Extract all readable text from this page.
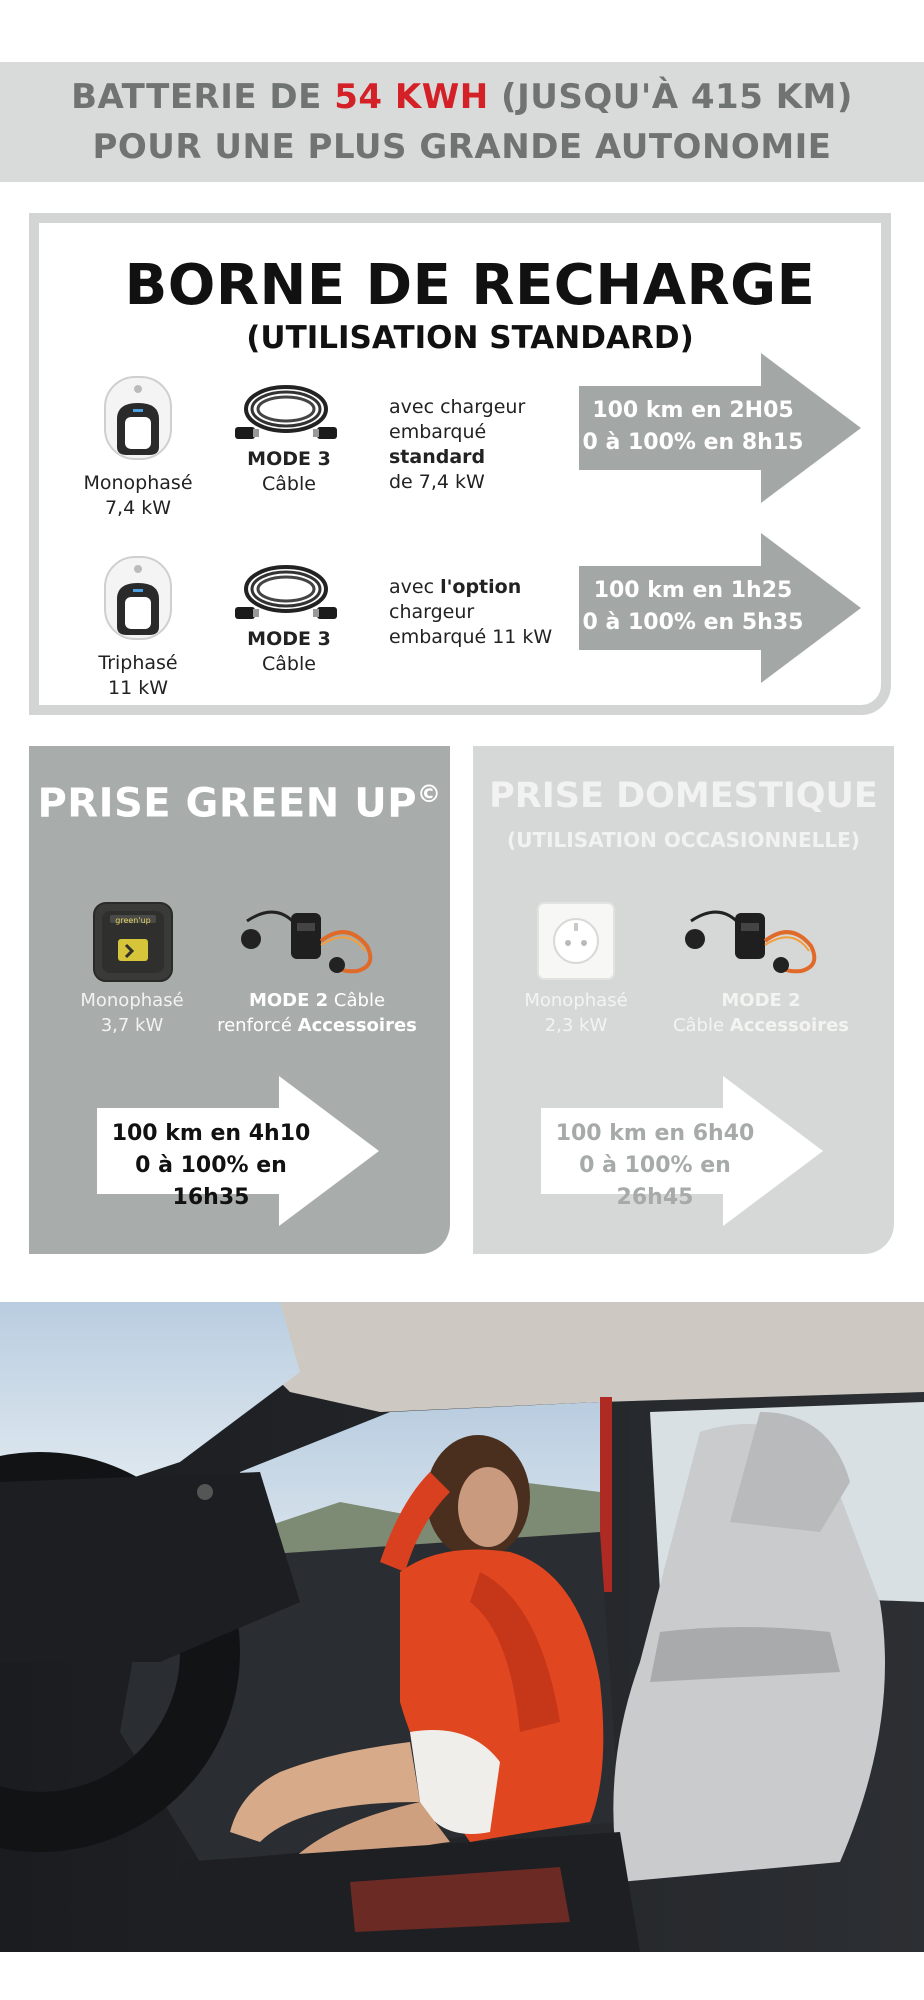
BATTERIE DE 54 KWH (JUSQU'À 415 KM)
POUR UNE PLUS GRANDE AUTONOMIE
BORNE DE RECHARGE
(UTILISATION STANDARD)
Monophasé
7,4 kW
MODE 3
Câble
avec chargeur
embarqué
standard
de 7,4 kW
100 km en 2H05
0 à 100% en 8h15
Triphasé
11 kW
MODE 3
Câble
avec l'option
chargeur
embarqué 11 kW
100 km en 1h25
0 à 100% en 5h35
PRISE GREEN UP©
green'up
Monophasé
3,7 kW
MODE 2 Câble
renforcé Accessoires
100 km en 4h10
0 à 100% en 16h35
PRISE DOMESTIQUE
(UTILISATION OCCASIONNELLE)
Monophasé
2,3 kW
MODE 2
Câble Accessoires
100 km en 6h40
0 à 100% en 26h45
